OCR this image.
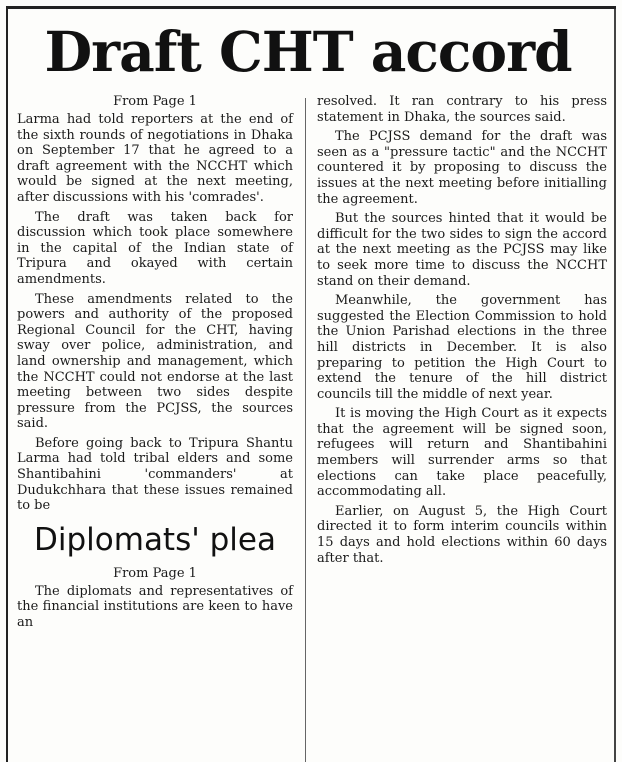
Draft CHT accord

From Page 1

Larma had told reporters at the end of the sixth rounds of negotiations in Dhaka on September 17 that he agreed to a draft agreement with the NCCHT which would be signed at the next meeting, after discussions with his 'comrades'.

The draft was taken back for discussion which took place somewhere in the capital of the Indian state of Tripura and okayed with certain amendments.

These amendments related to the powers and authority of the proposed Regional Council for the CHT, having sway over police, administration, and land ownership and management, which the NCCHT could not endorse at the last meeting between two sides despite pressure from the PCJSS, the sources said.

Before going back to Tripura Shantu Larma had told tribal elders and some Shantibahini 'commanders' at Dudukchhara that these issues remained to be

Diplomats' plea

From Page 1

The diplomats and representatives of the financial institutions are keen to have an

resolved. It ran contrary to his press statement in Dhaka, the sources said.

The PCJSS demand for the draft was seen as a "pressure tactic" and the NCCHT countered it by proposing to discuss the issues at the next meeting before initialling the agreement.

But the sources hinted that it would be difficult for the two sides to sign the accord at the next meeting as the PCJSS may like to seek more time to discuss the NCCHT stand on their demand.

Meanwhile, the government has suggested the Election Commission to hold the Union Parishad elections in the three hill districts in December. It is also preparing to petition the High Court to extend the tenure of the hill district councils till the middle of next year.

It is moving the High Court as it expects that the agreement will be signed soon, refugees will return and Shantibahini members will surrender arms so that elections can take place peacefully, accommodating all.

Earlier, on August 5, the High Court directed it to form interim councils within 15 days and hold elections within 60 days after that.
